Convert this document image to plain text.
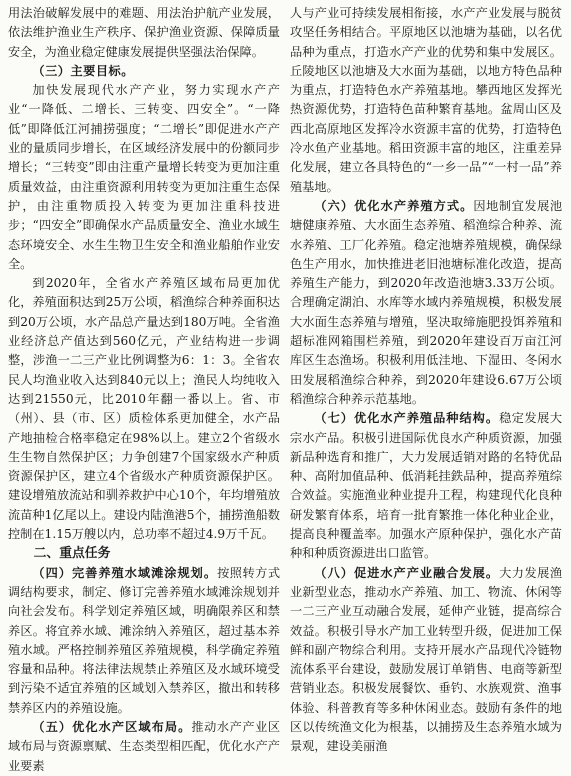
用法治破解发展中的难题、用法治护航产业发展，依法维护渔业生产秩序、保护渔业资源、保障质量安全，为渔业稳定健康发展提供坚强法治保障。

（三）主要目标。

加快发展现代水产产业，努力实现水产产业“一降低、二增长、三转变、四安全”。“一降低”即降低江河捕捞强度；“二增长”即促进水产产业的量质同步增长，在区域经济发展中的份额同步增长；“三转变”即由注重产量增长转变为更加注重质量效益，由注重资源利用转变为更加注重生态保护，由注重物质投入转变为更加注重科技进步；“四安全”即确保水产品质量安全、渔业水域生态环境安全、水生生物卫生安全和渔业船舶作业安全。

到2020年，全省水产养殖区域布局更加优化，养殖面积达到25万公顷，稻渔综合种养面积达到20万公顷，水产品总产量达到180万吨。全省渔业经济总产值达到560亿元，产业结构进一步调整，涉渔一二三产业比例调整为6：1：3。全省农民人均渔业收入达到840元以上；渔民人均纯收入达到21550元，比2010年翻一番以上。省、市（州）、县（市、区）质检体系更加健全，水产品产地抽检合格率稳定在98%以上。建立2个省级水生生物自然保护区；力争创建7个国家级水产种质资源保护区，建立4个省级水产种质资源保护区。建设增殖放流站和驯养救护中心10个，年均增殖放流苗种1亿尾以上。建设内陆渔港5个，捕捞渔船数控制在1.15万艘以内，总功率不超过4.9万千瓦。

二、重点任务

（四）完善养殖水域滩涂规划。按照转方式调结构要求，制定、修订完善养殖水域滩涂规划并向社会发布。科学划定养殖区域，明确限养区和禁养区。将宜养水域、滩涂纳入养殖区，超过基本养殖水域。严格控制养殖区养殖规模，科学确定养殖容量和品种。将法律法规禁止养殖区及水域环境受到污染不适宜养殖的区域划入禁养区，撤出和转移禁养区内的养殖设施。

（五）优化水产区域布局。推动水产产业区域布局与资源禀赋、生态类型相匹配，优化水产产业要素

人与产业可持续发展相衔接，水产产业发展与脱贫攻坚任务相结合。平原地区以池塘为基础，以名优品种为重点，打造水产产业的优势和集中发展区。丘陵地区以池塘及大水面为基础，以地方特色品种为重点，打造特色水产养殖基地。攀西地区发挥光热资源优势，打造特色苗种繁育基地。盆周山区及西北高原地区发挥冷水资源丰富的优势，打造特色冷水鱼产业基地。稻田资源丰富的地区，注重差异化发展，建立各具特色的“一乡一品”“一村一品”养殖基地。

（六）优化水产养殖方式。因地制宜发展池塘健康养殖、大水面生态养殖、稻渔综合种养、流水养殖、工厂化养殖。稳定池塘养殖规模，确保绿色生产用水，加快推进老旧池塘标准化改造，提高养殖生产能力，到2020年改造池塘3.33万公顷。合理确定湖泊、水库等水域内养殖规模，积极发展大水面生态养殖与增殖，坚决取缔施肥投饵养殖和超标准网箱围栏养殖，到2020年建设百万亩江河库区生态渔场。积极利用低洼地、下湿田、冬闲水田发展稻渔综合种养，到2020年建设6.67万公顷稻渔综合种养示范基地。

（七）优化水产养殖品种结构。稳定发展大宗水产品。积极引进国际优良水产种质资源，加强新品种选育和推广，大力发展适销对路的名特优品种、高附加值品种、低消耗挂鉄品种，提高养殖综合效益。实施渔业种业提升工程，构建现代化良种研发繁育体系，培育一批育繁推一体化种业企业，提高良种覆盖率。加强水产原种保护，强化水产苗种和种质资源进出口监管。

（八）促进水产产业融合发展。大力发展渔业新型业态，推动水产养殖、加工、物流、休闲等一二三产业互动融合发展，延伸产业链，提高综合效益。积极引导水产加工业转型升级，促进加工保鲜和副产物综合利用。支持开展水产品现代冷链物流体系平台建设，鼓励发展订单销售、电商等新型营销业态。积极发展餐饮、垂钓、水族观赏、渔事体验、科普教育等多种休闲业态。鼓励有条件的地区以传统渔文化为根基，以捕捞及生态养殖水域为景观，建设美丽渔
